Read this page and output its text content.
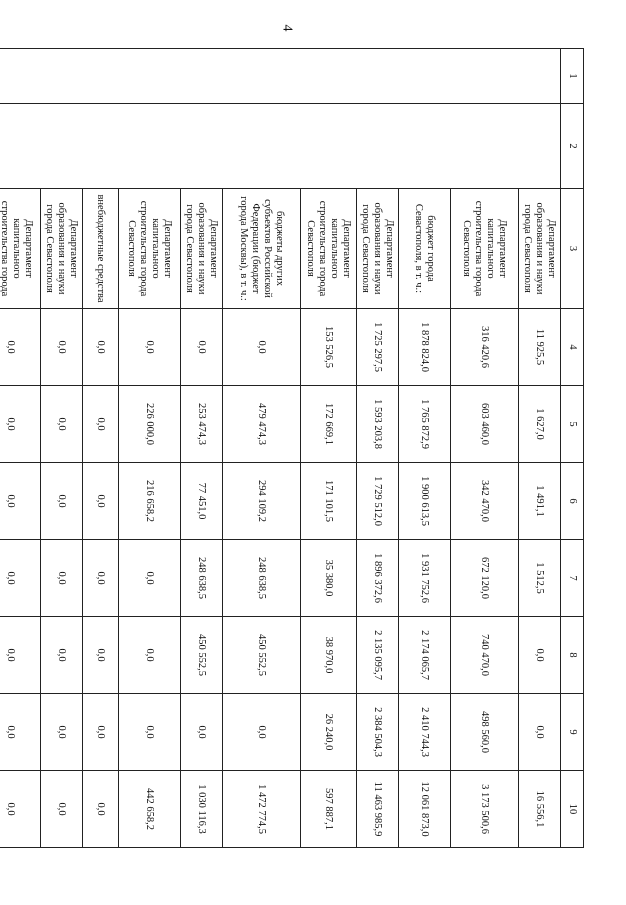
4
1	2	3	4	5	6	7	8	9	10
		Департамент образования и науки города Севастополя	11 925,5	1 627,0	1 491,1	1 512,5	0,0	0,0	16 556,1
		Департамент капитального строительства города Севастополя	316 420,6	603 460,0	342 470,0	672 120,0	740 470,0	498 560,0	3 173 500,6
		бюджет города Севастополя, в т. ч.:	1 878 824,0	1 765 872,9	1 900 613,5	1 931 752,6	2 174 065,7	2 410 744,3	12 061 873,0
		Департамент образования и науки города Севастополя	1 725 297,5	1 593 203,8	1 729 512,0	1 896 372,6	2 135 095,7	2 384 504,3	11 463 985,9
		Департамент капитального строительства города Севастополя	153 526,5	172 669,1	171 101,5	35 380,0	38 970,0	26 240,0	597 887,1
		бюджеты других субъектов Российской Федерации (бюджет города Москвы), в т. ч.:	0,0	479 474,3	294 109,2	248 638,5	450 552,5	0,0	1 472 774,5
		Департамент образования и науки города Севастополя	0,0	253 474,3	77 451,0	248 638,5	450 552,5	0,0	1 030 116,3
		Департамент капитального строительства города Севастополя	0,0	226 000,0	216 658,2	0,0	0,0	0,0	442 658,2
		внебюджетные средства	0,0	0,0	0,0	0,0	0,0	0,0	0,0
		Департамент образования и науки города Севастополя	0,0	0,0	0,0	0,0	0,0	0,0	0,0
		Департамент капитального строительства города	0,0	0,0	0,0	0,0	0,0	0,0	0,0
